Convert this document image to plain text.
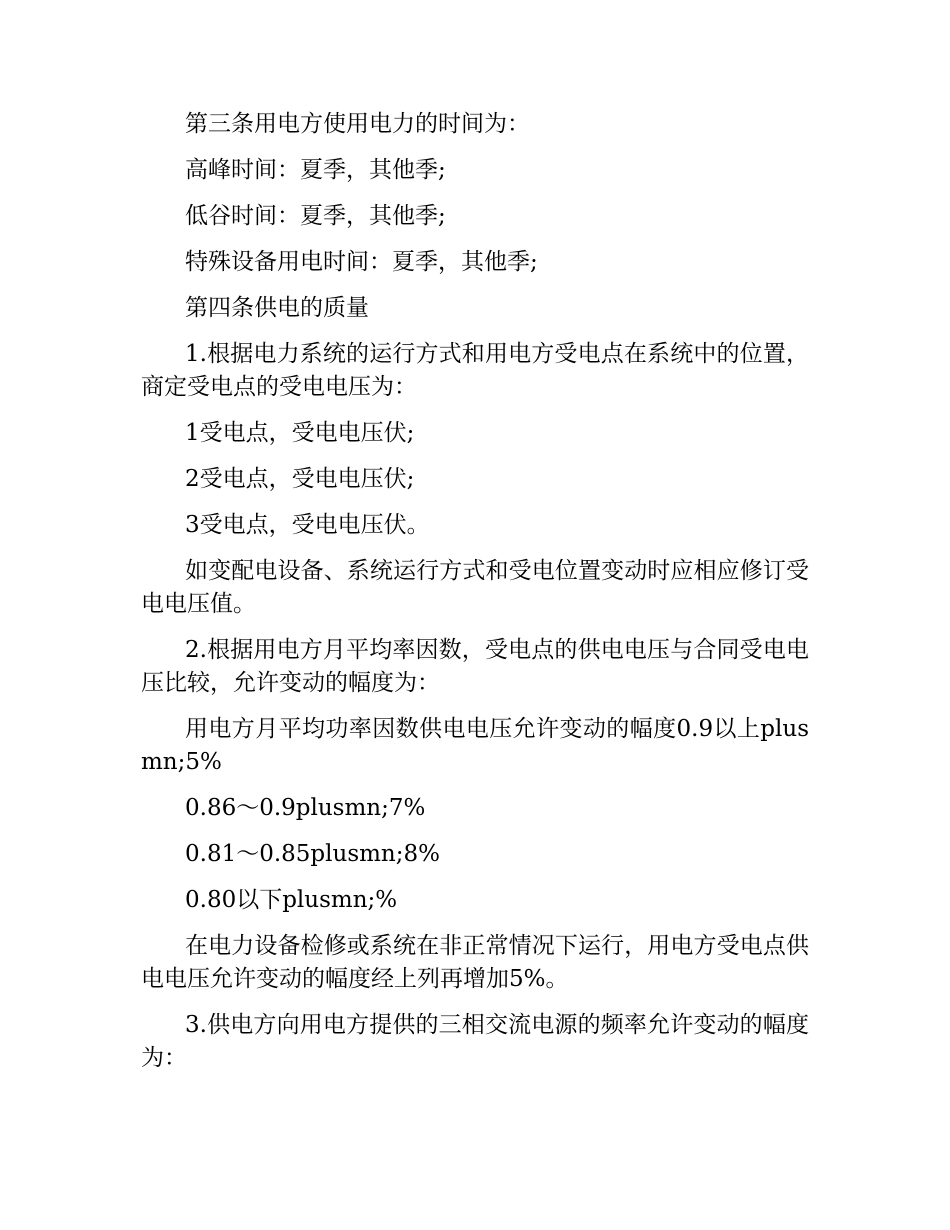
第三条用电方使用电力的时间为：

高峰时间：夏季，其他季;

低谷时间：夏季，其他季;

特殊设备用电时间：夏季，其他季;

第四条供电的质量

1.根据电力系统的运行方式和用电方受电点在系统中的位置，商定受电点的受电电压为：

1受电点，受电电压伏;

2受电点，受电电压伏;

3受电点，受电电压伏。

如变配电设备、系统运行方式和受电位置变动时应相应修订受电电压值。

2.根据用电方月平均率因数，受电点的供电电压与合同受电电压比较，允许变动的幅度为：

用电方月平均功率因数供电电压允许变动的幅度0.9以上plusmn;5%

0.86～0.9plusmn;7%

0.81～0.85plusmn;8%

0.80以下plusmn;%

在电力设备检修或系统在非正常情况下运行，用电方受电点供电电压允许变动的幅度经上列再增加5%。

3.供电方向用电方提供的三相交流电源的频率允许变动的幅度为：
